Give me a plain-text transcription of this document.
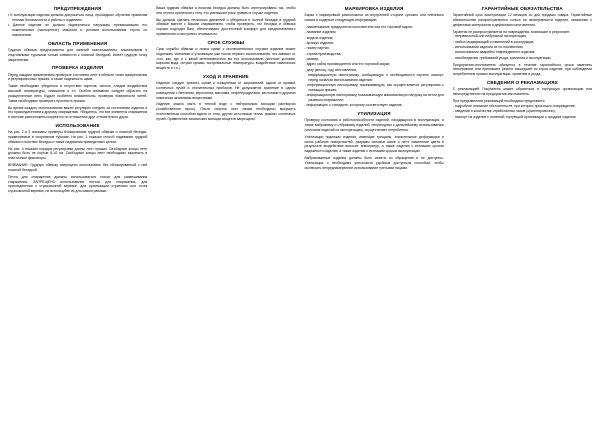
ПРЕДУПРЕЖДЕНИЯ

• К эксплуатации изделия должны допускаться лица, прошедшие обучение правилам техники безопасности и работы с изделием.

• Данное изделие не должно подвергаться нагрузкам, превышающим его номинальные (паспортные) значения и условия использования строго по назначению.

ОБЛАСТЬ ПРИМЕНЕНИЯ

Грудная обвязка предназначена для занятий скалолазанием, альпинизмом и спортивными туризмом только совместно с поясной беседкой. Имеет грудную точку закрепления.

ПРОВЕРКА ИЗДЕЛИЯ

Перед каждым применением проверьте состояние лент в области точек прикрепления и регулировочных пряжек, а также надежность швов.

Также необходимо убедиться в отсутствии порезов, износа, следов воздействия высокой температуры, химикатов и т.п. Особое внимание следует обратить на расщепленные нити. Будьте особенно внимательны, проверяя поверхности нитей. Также необходимо проверить прочность пряжек.

Во время каждого использования важно регулярно следить за состоянием изделия и его присоединением к другому снаряжению. Убедитесь, что все элементы снаряжения в системе расположены корректно по отношению друг относительно друга.

ИСПОЛЬЗОВАНИЕ

На рис. 2 и 3 показаны примеры блокирования грудной обвязки и поясной беседки, применяемые в спортивном туризме. На рис. 1 показан способ надевания грудной обвязки и поясных беседок и также надевания приведенных целом.

На рис. 4 показан порядок регулировки длины лент пряжки. Свободные концы лент должны быть не короче 8-10 см. Свободные концы лент необходимо закрепить в эластичные фиксаторы.

ВНИМАНИЕ: Грудную обвязку запрещено использовать без сблокированной с ней поясной беседкой.

Петли для снаряжения должны использоваться только для развешивания снаряжения. ЗАПРЕЩЕНО использование петель для снаряжения, для присоединения к страховочной веревке, для организации страховки или точек страховочной веревки, не используйте их для самостраховки.

Ваша грудная обвязка и поясная беседка должны быть отрегулированы так, чтобы они плотно прилегали к телу, это уменьшает риск травмы в случае падения.

Вы должны сделать несколько движений и убедиться в полной беседке в грудной обвязке вместе с Вашим снаряжением, чтобы проверить, что беседка и обвязка хорошо подходят Вам, обеспечивают достаточный комфорт для предполагаемого применения и настроены оптимально.

СРОК СЛУЖБЫ

Срок службы обвязки и пояса сумки с исключительных случаях изделие может подлежать списанию и утилизации уже после первого использования, это зависит от того, как, где и с какой интенсивностью вы его использовали (жесткие условия, морская вода, острые кромки, экстремальные температуры, воздействие химических веществ и т.п.).

УХОД И ХРАНЕНИЕ

Изделие следует хранить сухим и очищенным от загрязнений, вдали от прямых солнечных лучей и отопительных приборов. Не допускается хранение в одном помещении с бензином, керосином, маслами, нефтепродуктами, кислотами и другими химически активными веществами.

Изделие можно мыть в теплой воде с нейтральным моющим раствором (хозяйственное мыло). После очистки лист лямки необходимо высушить естественным способом вдали от огня, других источников тепла, прямых солнечных лучей. Применение химических моющих веществ запрещено!

МАРКИРОВКА ИЗДЕЛИЯ

Бирка с маркировкой расположена на внутренней стороне сухожно или плечевого охвата и содержит следующую информацию:

- наименование предприятия-изготовителя или его торговой марки;

- название изделия;

- модель изделия;

- артикул изделия;

- номер партии;

- страна производства;

- размер;

- адрес сайта производителя или его торговой марки;

- дату (месяц, год) изготовления;

- информационную пиктограмму, сообщающую о необходимости изучить паспорт перед началом использования изделия;

- информационную пиктограмму, показывающую, как осуществляется регулировка с помощью пряжек;

- информационную пиктограмму, показывающую максимальную нагрузку на петли для развески снаряжения;

- информацию о стандарте, которому соответствует изделие.

УТИЛИЗАЦИЯ

Проверку состояния и работоспособности изделий, находящихся в эксплуатации, а также выбраковку и отбраковку изделий, непригодных к дальнейшему использованию (списание изделий из эксплуатации), осуществляет потребитель.

Утилизации подлежат изделия, имеющие трещины, значительные деформации и износ рабочих поверхностей, разрывы силовых швов и лент, изменение цвета в результате воздействия высоких температур, а также изделия с истекшим сроком надежности изделия, а также изделия с истекшим сроком эксплуатации.

Выбракованные изделия должны быть изъяты из обращения и не доступны. Утилизация и необходимо уничтожить удобным доступным способом, чтобы исключить непреднамеренное использование третьими лицами.

ГАРАНТИЙНЫЕ ОБЯЗАТЕЛЬСТВА

Гарантийный срок эксплуатации 12 месяцев со дня продажи товара. Гарантийные обязательства распространяются только на неисправности изделия, связанные с дефектами материалов и дефектами изготовления.

Гарантия не распространяется на повреждения, возникшие в результате:

- неправильной или небрежной эксплуатации;

- любых модификаций и изменений в конструкции;

- использования изделия не по назначению;

- использования аварийно поврежденного изделия;

- несоблюдения требований ухода, хранения и эксплуатации.

Предприятие-изготовитель обязуется в течение гарантийного срока заменить неисправное или принявшее ремонт вышедшее из строя изделие, при соблюдении потребителем правил эксплуатации, хранения и ухода.

СВЕДЕНИЯ О РЕКЛАМАЦИЯХ

С рекламацией Покупатель может обратиться в торгующую организацию или непосредственно на предприятие-изготовитель.

При предъявлении рекламаций необходимо представить:

- подробное описание обстоятельств, при которых произошло повреждение;

- сведения о количестве отработанных часов (ориентировочно);

- паспорт на изделие с отметкой торгующей организации о продаже изделия.
